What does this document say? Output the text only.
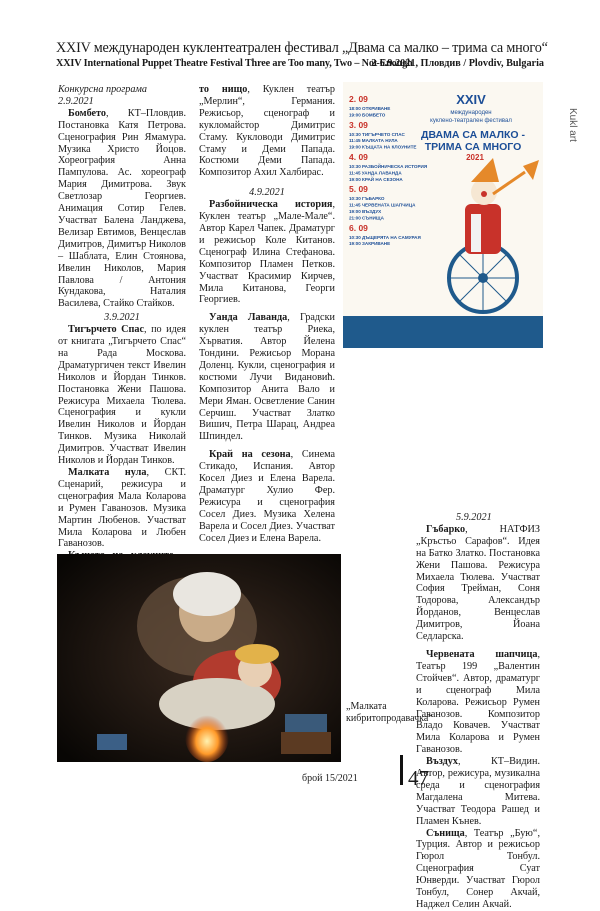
XXIV международен куклентеатрален фестивал „Двама са малко – трима са много“
XXIV International Puppet Theatre Festival Three are Too many, Two – Not Enough
2-6.9.2021, Пловдив / Plovdiv, Bulgaria
Kukl art

Конкурсна програма

2.9.2021

Бомбето, КТ–Пловдив. Постановка Катя Петрова. Сценография Рин Ямамура. Музика Христо Йоцов. Хореография Анна Пампулова. Ас. хореограф Мария Димитрова. Звук Светлозар Георгиев. Анимация Сотир Гелев. Участват Балена Ланджева, Велизар Евтимов, Венцеслав Димитров, Димитър Николов – Шаблата, Елин Стоянова, Ивелин Николов, Мария Павлова / Антония Кундакова, Наталия Василева, Стайко Стайков.

3.9.2021

Тигърчето Спас, по идея от книгата „Тигърчето Спас“ на Рада Москова. Драматургичен текст Ивелин Николов и Йордан Тинков. Постановка Жени Пашова. Режисура Михаела Тюлева. Сценография и кукли Ивелин Николов и Йордан Тинков. Музика Николай Димитров. Участват Ивелин Николов и Йордан Тинков.

Малката нула, СКТ. Сценарий, режисура и сценография Мала Коларова и Румен Гаванозов. Музика Мартин Любенов. Участват Мила Коларова и Любен Гаванозов.

то нищо, Куклен театър „Мерлин“, Германия. Режисьор, сценограф и кукломайстор Димитрис Стаму. Кукловоди Димитрис Стаму и Деми Папада. Костюми Деми Папада. Композитор Ахил Халбирас.

4.9.2021

Разбойническа история, Куклен театър „Мале-Мале“. Автор Карел Чапек. Драматург и режисьор Коле Китанов. Сценограф Илина Стефанова. Композитор Пламен Петков. Участват Красимир Кирчев, Мила Китанова, Георги Георгиев.

Уанда Лаванда, Градски куклен театър Риека, Хърватия. Автор Йелена Тондини. Режисьор Морана Доленц. Кукли, сценография и костюми Лучи Видановић. Композитор Анита Вало и Мери Яман. Осветление Санин Серчиш. Участват Златко Вишич, Петра Шарац, Андреа Шпиндел.

Край на сезона, Синема Стикадо, Испания. Автор Косел Диез и Елена Варела. Драматург Хулио Фер. Режисура и сценография Сосел Диез. Музика Хелена Варела и Сосел Диез. Участват Сосел Диез и Елена Варела.

XXIV
международен
куклено-театрален фестивал
ДВАМА СА МАЛКО -
ТРИМА СА МНОГО
2021
2. 09
18:00 ОТКРИВАНЕ
19:00 БОМБЕТО
3. 09
10:30 ТИГЪРЧЕТО СПАС
11:45 МАЛКАТА НУЛА
19:00 КЪЩАТА НА КЛОУНИТЕ
4. 09
10:30 РАЗБОЙНИЧЕСКА ИСТОРИЯ
11:45 УАНДА ЛАВАНДА
19:00 КРАЙ НА СЕЗОНА
5. 09
10:30 ГЪБАРКО
11:45 ЧЕРВЕНАТА ШАПЧИЦА
19:00 ВЪЗДУХ
21:00 СЪНИЩА
6. 09
10:30 ДЪЩЕРЯТА НА САМУРАЯ
19:00 ЗАКРИВАНЕ
5.9.2021

Гъбарко, НАТФИЗ „Кръстьо Сарафов“. Идея на Батко Златко. Постановка Жени Пашова. Режисура Михаела Тюлева. Участват София Трейман, Соня Тодорова, Александър Йорданов, Венцеслав Димитров, Йоана Седларска.

Червената шапчица, Театър 199 „Валентин Стойчев“. Автор, драматург и сценограф Мила Коларова. Режисьор Румен Гаванозов. Композитор Владо Ковачев. Участват Мила Коларова и Румен Гаванозов.

Въздух, КТ–Видин. Автор, режисура, музикална среда и сценография Магдалена Митева. Участват Теодора Рашед и Пламен Кънев.

Сънища, Театър „Бую“, Турция. Автор и режисьор Гюрол Тонбул. Сценография Суат Юнверди. Участват Гюрол Тонбул, Сонер Акчай, Наджел Селин Акчай.

„Малката кибритопродавачка“
брой 15/2021 47
